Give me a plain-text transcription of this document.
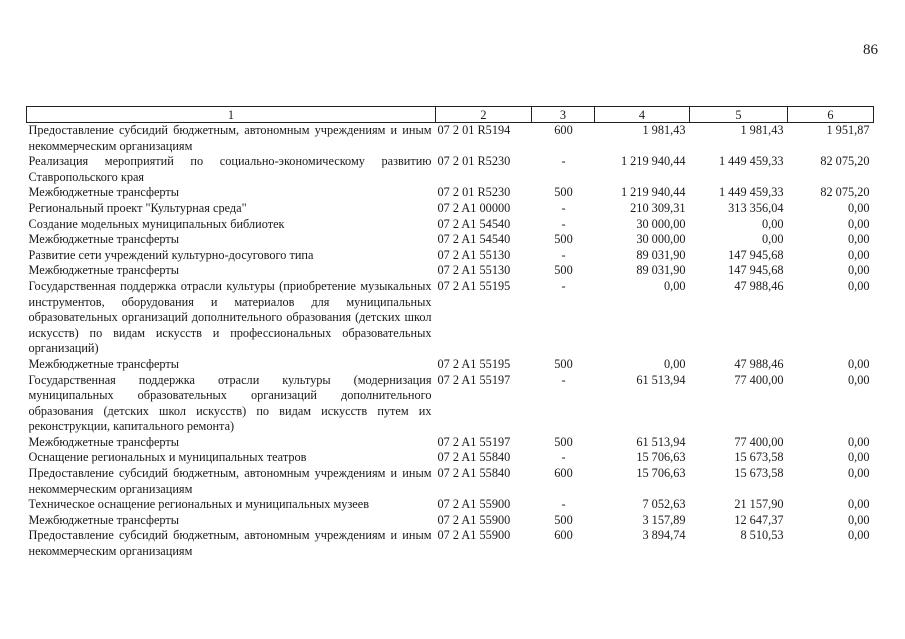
86
1	2	3	4	5	6
Предоставление субсидий бюджетным, автономным учреждениям и иным некоммерческим организациям	07 2 01 R5194	600	1 981,43	1 981,43	1 951,87
Реализация мероприятий по социально-экономическому развитию Ставропольского края	07 2 01 R5230	-	1 219 940,44	1 449 459,33	82 075,20
Межбюджетные трансферты	07 2 01 R5230	500	1 219 940,44	1 449 459,33	82 075,20
Региональный проект "Культурная среда"	07 2 A1 00000	-	210 309,31	313 356,04	0,00
Создание модельных муниципальных библиотек	07 2 A1 54540	-	30 000,00	0,00	0,00
Межбюджетные трансферты	07 2 A1 54540	500	30 000,00	0,00	0,00
Развитие сети учреждений культурно-досугового типа	07 2 A1 55130	-	89 031,90	147 945,68	0,00
Межбюджетные трансферты	07 2 A1 55130	500	89 031,90	147 945,68	0,00
Государственная поддержка отрасли культуры (приобретение музыкальных инструментов, оборудования и материалов для муниципальных образовательных организаций дополнительного образования (детских школ искусств) по видам искусств и профессиональных образовательных организаций)	07 2 A1 55195	-	0,00	47 988,46	0,00
Межбюджетные трансферты	07 2 A1 55195	500	0,00	47 988,46	0,00
Государственная поддержка отрасли культуры (модернизация муниципальных образовательных организаций дополнительного образования (детских школ искусств) по видам искусств путем их реконструкции, капитального ремонта)	07 2 A1 55197	-	61 513,94	77 400,00	0,00
Межбюджетные трансферты	07 2 A1 55197	500	61 513,94	77 400,00	0,00
Оснащение региональных и муниципальных театров	07 2 A1 55840	-	15 706,63	15 673,58	0,00
Предоставление субсидий бюджетным, автономным учреждениям и иным некоммерческим организациям	07 2 A1 55840	600	15 706,63	15 673,58	0,00
Техническое оснащение региональных и муниципальных музеев	07 2 A1 55900	-	7 052,63	21 157,90	0,00
Межбюджетные трансферты	07 2 A1 55900	500	3 157,89	12 647,37	0,00
Предоставление субсидий бюджетным, автономным учреждениям и иным некоммерческим организациям	07 2 A1 55900	600	3 894,74	8 510,53	0,00
